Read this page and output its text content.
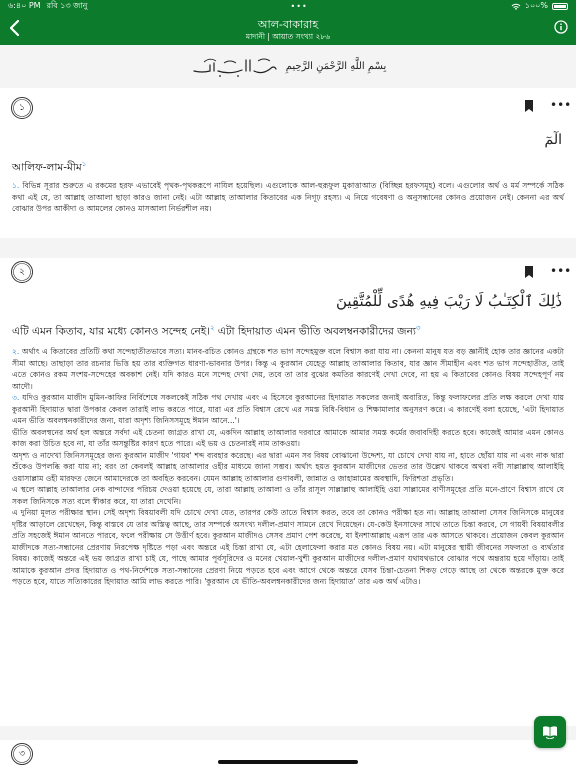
৬:৪০ PM রবি ১৩ জানু	•••	১০০%
আল-বাকারাহ
মাদানী | আয়াত সংখ্যা ২৮৬
بِسْمِ اللَّهِ الرَّحْمَنِ الرَّحِيمِ
১	•••
الٓمٓ
আলিফ-লাম-মীম$^১$

১. বিভিন্ন সূরার শুরুতে এ রকমের হরফ এভাবেই পৃথক-পৃথকরূপে নাযিল হয়েছিল। এগুলোকে আল-হুরূফুল মুকাত্তাআত (বিচ্ছিন্ন হরফসমূহ) বলে। এগুলোর অর্থ ও মর্ম সম্পর্কে সঠিক কথা এই যে, তা আল্লাহ তাআলা ছাড়া কারও জানা নেই। এটা আল্লাহ তাআলার কিতাবের এক নিগূঢ় রহস্য। এ নিয়ে গবেষণা ও অনুসন্ধানের কোনও প্রয়োজন নেই। কেননা এর অর্থ বোঝার উপর আকীদা ও আমলের কোনও মাসআলা নির্ভরশীল নয়।

২	•••
ذَٰلِكَ ٱلْكِتَـٰبُ لَا رَيْبَ فِيهِ هُدًى لِّلْمُتَّقِينَ
এটি এমন কিতাব, যার মধ্যে কোনও সন্দেহ নেই।$^২$ এটা হিদায়াত এমন ভীতি অবলম্বনকারীদের জন্য$^৩$

২. অর্থাৎ এ কিতাবের প্রতিটি কথা সন্দেহাতীতভাবে সত্য। মানব-রচিত কোনও গ্রন্থকে শত ভাগ সন্দেহমুক্ত বলে বিশ্বাস করা যায় না। কেননা মানুষ যত বড় জ্ঞানীই হোক তার জ্ঞানের একটা সীমা আছে। তাছাড়া তার রচনার ভিত্তি হয় তার ব্যক্তিগত ধারণা-ভাবনার উপর। কিন্তু এ কুরআন যেহেতু আল্লাহ তাআলার কিতাব, যার জ্ঞান সীমাহীন এবং শত ভাগ সন্দেহাতীত, তাই এতে কোনও রকম সংশয়-সন্দেহের অবকাশ নেই। যদি কারও মনে সন্দেহ দেখা দেয়, তবে তা তার বুঝের কমতির কারণেই দেখা দেবে, না হয় এ কিতাবের কোনও বিষয় সন্দেহপূর্ণ নয় আদৌ।

৩. যদিও কুরআন মাজীদ মুমিন-কাফির নির্বিশেষে সকলকেই সঠিক পথ দেখায় এবং এ হিসেবে কুরআনের হিদায়াত সকলের জন্যই অবারিত, কিন্তু ফলাফলের প্রতি লক্ষ করলে দেখা যায় কুরআনী হিদায়াত দ্বারা উপকার কেবল তারাই লাভ করতে পারে, যারা এর প্রতি বিশ্বাস রেখে এর সমস্ত বিধি-বিধান ও শিক্ষামালার অনুসরণ করে। এ কারণেই বলা হয়েছে, 'এটা হিদায়াত এমন ভীতি অবলম্বনকারীদের জন্য, যারা অদৃশ্য জিনিসসমূহে ঈমান আনে...'।

ভীতি অবলম্বনের অর্থ হল অন্তরে সর্বদা এই চেতনা জাগ্রত রাখা যে, একদিন আল্লাহ তাআলার দরবারে আমাকে আমার সমস্ত কর্মের জবাবদিহী করতে হবে। কাজেই আমার এমন কোনও কাজ করা উচিত হবে না, যা তাঁর অসন্তুষ্টির কারণ হতে পারে। এই ভয় ও চেতনারই নাম তাকওয়া।

অদৃশ্য ও নাদেখা জিনিসসমূহের জন্য কুরআন মাজীদ 'গায়ব' শব্দ ব্যবহার করেছে। এর দ্বারা এমন সব বিষয় বোঝানো উদ্দেশ্য, যা চোখে দেখা যায় না, হাতে ছোঁয়া যায় না এবং নাক দ্বারা শুঁকেও উপলব্ধি করা যায় না; বরং তা কেবলই আল্লাহ তাআলার ওহীর মাধ্যমে জানা সম্ভব। অর্থাৎ হয়ত কুরআন মাজীদের ভেতর তার উল্লেখ থাকবে অথবা নবী সাল্লাল্লাহু আলাইহি ওয়াসাল্লাম ওহী মারফত জেনে আমাদেরকে তা অবহিত করবেন। যেমন আল্লাহ তাআলার গুণাবলী, জান্নাত ও জাহান্নামের অবস্থাদি, ফিরিশতা প্রভৃতি।

এ স্থলে আল্লাহ তাআলার নেক বান্দাদের পরিচয় দেওয়া হয়েছে যে, তারা আল্লাহ তাআলা ও তাঁর রাসূল সাল্লাল্লাহু আলাইহি ওয়া সাল্লামের বাণীসমূহের প্রতি মনে-প্রাণে বিশ্বাস রাখে যে সকল জিনিসকে সত্য বলে স্বীকার করে, যা তারা দেখেনি।

এ দুনিয়া মূলত পরীক্ষার স্থান। সেই অদৃশ্য বিষয়াবলী যদি চোখে দেখা যেত, তারপর কেউ তাতে বিশ্বাস করত, তবে তা কোনও পরীক্ষা হত না। আল্লাহ তাআলা সেসব জিনিসকে মানুষের দৃষ্টির আড়ালে রেখেছেন, কিন্তু বাস্তবে যে তার অস্তিত্ব আছে, তার সম্পর্কে অসংখ্য দলীল-প্রমাণ সামনে রেখে দিয়েছেন। যে-কেউ ইনসাফের সাথে তাতে চিন্তা করবে, সে গায়বী বিষয়াবলীর প্রতি সহজেই ঈমান আনতে পারবে, ফলে পরীক্ষায় সে উত্তীর্ণ হবে। কুরআন মাজীদও সেসব প্রমাণ পেশ করেছে, যা ইনশাআল্লাহ এরূপ তার এক আসতে থাকবে। প্রয়োজন কেবল কুরআন মাজীদকে সত্য-সন্ধানের প্রেরণায় নিরপেক্ষ দৃষ্টিতে পড়া এবং অন্তরে এই চিন্তা রাখা যে, এটা হেলাফেলা করার মত কোনও বিষয় নয়। এটা মানুষের স্থায়ী জীবনের সফলতা ও ব্যর্থতার বিষয়। কাজেই অন্তরে এই ভয় জাগ্রত রাখা চাই যে, পাছে আমার পূর্বসূরিদের ও মনের খেয়াল-খুশী কুরআন মাজীদের দলীল-প্রমাণ যথাযথভাবে বোঝার পথে অন্তরায় হয়ে দাঁড়ায়। তাই আমাকে কুরআন প্রদত্ত হিদায়াত ও পথ-নির্দেশকে সত্য-সন্ধানের প্রেরণা নিয়ে পড়তে হবে এবং আগে থেকে অন্তরে যেসব চিন্তা-চেতনা শিকড় গেড়ে আছে তা থেকে অন্তরকে মুক্ত করে পড়তে হবে, যাতে সত্যিকারের হিদায়াত আমি লাভ করতে পারি। 'কুরআন যে ভীতি-অবলম্বনকারীদের জন্য হিদায়াত' তার এক অর্থ এটাও।

৩
